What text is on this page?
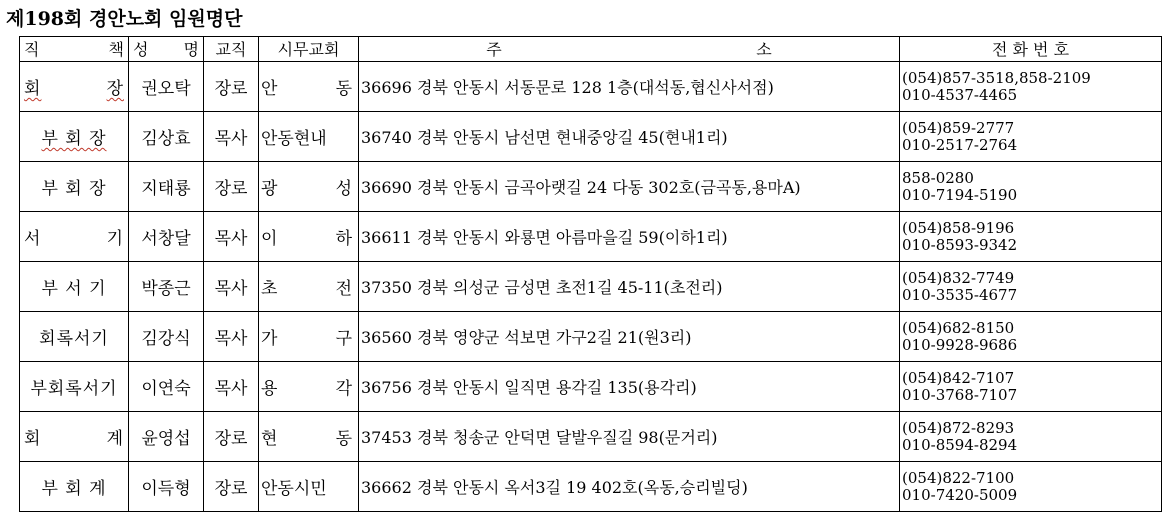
제198회 경안노회 임원명단
직 책	성 명	교직	시무교회	주 소	전 화 번 호

회 장	권오탁	장로	안 동	36696 경북 안동시 서동문로 128 1층(대석동,협신사서점)	(054)857-3518,858-2109
010-4537-4465

부 회 장	김상효	목사	안동현내	36740 경북 안동시 남선면 현내중앙길 45(현내1리)	(054)859-2777
010-2517-2764

부 회 장	지태룡	장로	광 성	36690 경북 안동시 금곡아랫길 24 다동 302호(금곡동,용마A)	858-0280
010-7194-5190

서 기	서창달	목사	이 하	36611 경북 안동시 와룡면 아름마을길 59(이하1리)	(054)858-9196
010-8593-9342

부 서 기	박종근	목사	초 전	37350 경북 의성군 금성면 초전1길 45-11(초전리)	(054)832-7749
010-3535-4677

회록서기	김강식	목사	가 구	36560 경북 영양군 석보면 가구2길 21(원3리)	(054)682-8150
010-9928-9686

부회록서기	이연숙	목사	용 각	36756 경북 안동시 일직면 용각길 135(용각리)	(054)842-7107
010-3768-7107

회 계	윤영섭	장로	현 동	37453 경북 청송군 안덕면 달발우질길 98(문거리)	(054)872-8293
010-8594-8294

부 회 계	이득형	장로	안동시민	36662 경북 안동시 옥서3길 19 402호(옥동,승리빌딩)	(054)822-7100
010-7420-5009
